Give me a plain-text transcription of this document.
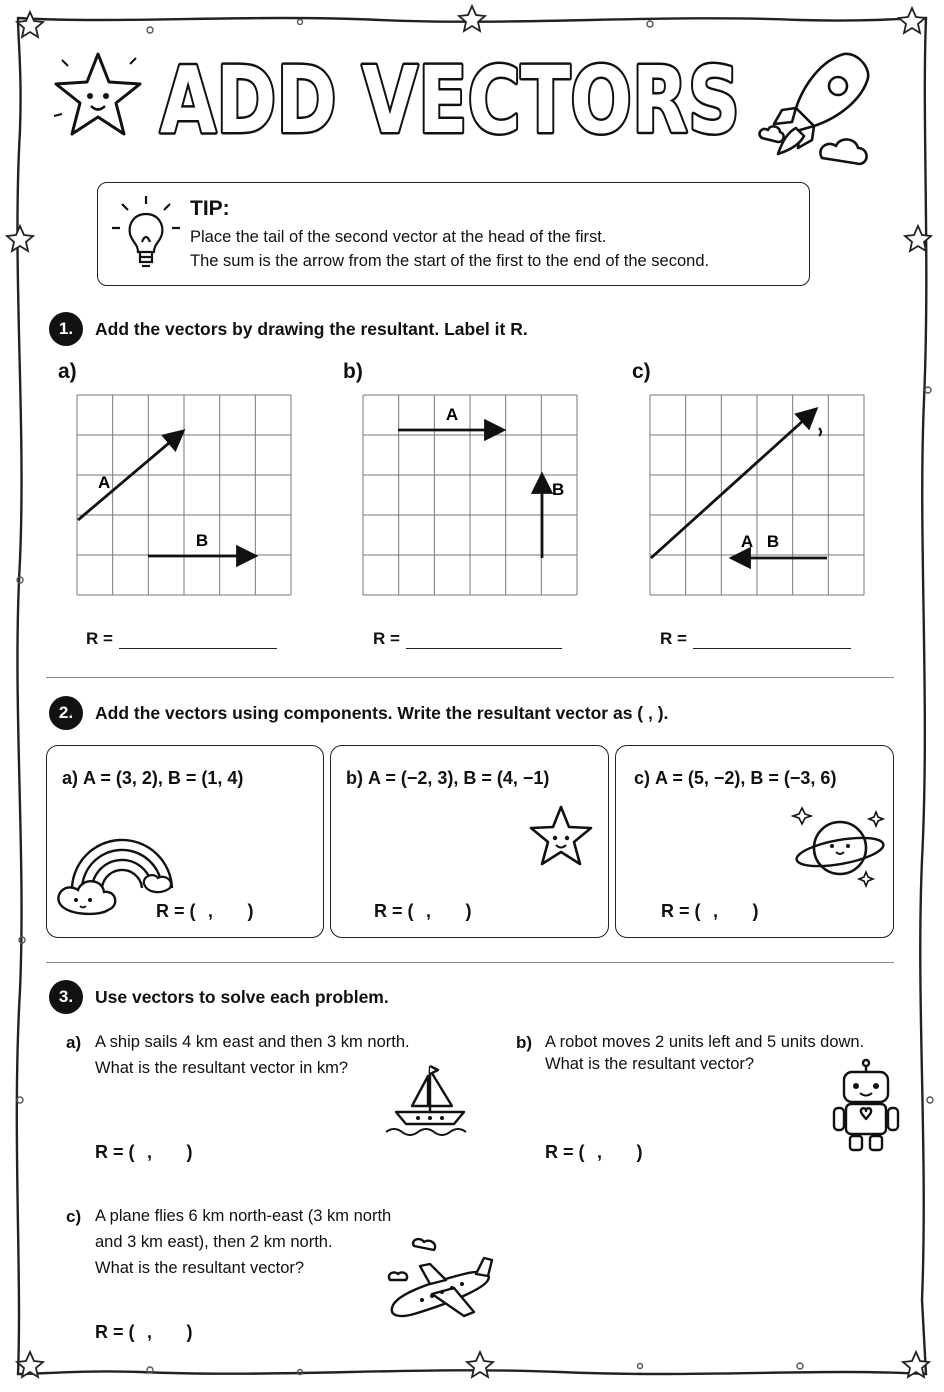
ADD VECTORS
TIP:
Place the tail of the second vector at the head of the first.
The sum is the arrow from the start of the first to the end of the second.
1.	Add the vectors by drawing the resultant. Label it R.
a)	b)	c)
A
B
A
B
A B
R =	R =	R =
2.	Add the vectors using components. Write the resultant vector as ( , ).
a) A = (3, 2), B = (1, 4)	b) A = (−2, 3), B = (4, −1)	c) A = (5, −2), B = (−3, 6)
R = ( , )	R = ( , )	R = ( , )
3.	Use vectors to solve each problem.
a) A ship sails 4 km east and then 3 km north.
What is the resultant vector in km?
R = ( , )
b) A robot moves 2 units left and 5 units down.
What is the resultant vector?
R = ( , )
c) A plane flies 6 km north-east (3 km north
and 3 km east), then 2 km north.
What is the resultant vector?
R = ( , )
